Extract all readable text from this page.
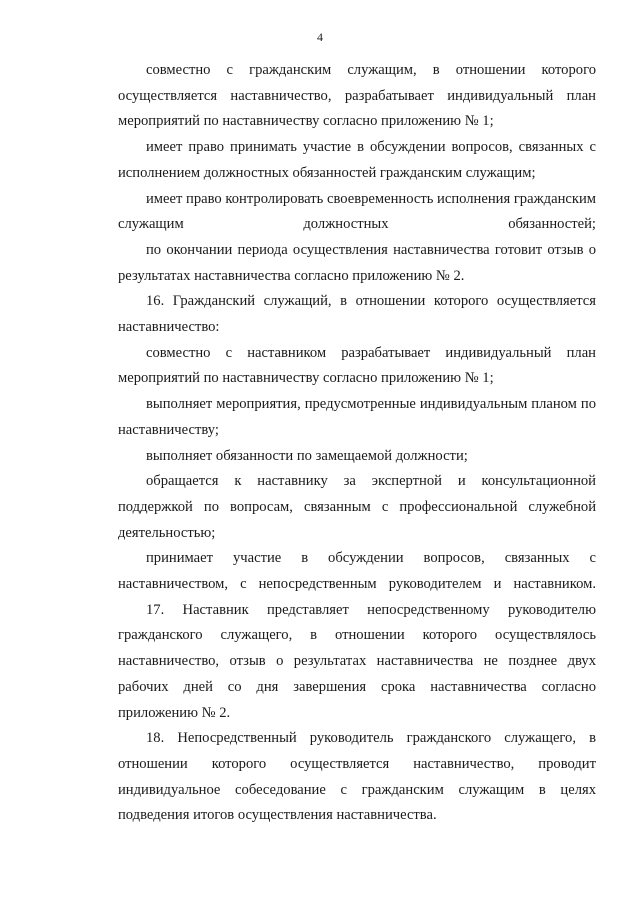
4

совместно с гражданским служащим, в отношении которого осуществляется наставничество, разрабатывает индивидуальный план мероприятий по наставничеству согласно приложению № 1;

имеет право принимать участие в обсуждении вопросов, связанных с исполнением должностных обязанностей гражданским служащим;

имеет право контролировать своевременность исполнения гражданским служащим должностных обязанностей;

по окончании периода осуществления наставничества готовит отзыв о результатах наставничества согласно приложению № 2.

16. Гражданский служащий, в отношении которого осуществляется наставничество:

совместно с наставником разрабатывает индивидуальный план мероприятий по наставничеству согласно приложению № 1;

выполняет мероприятия, предусмотренные индивидуальным планом по наставничеству;

выполняет обязанности по замещаемой должности;

обращается к наставнику за экспертной и консультационной поддержкой по вопросам, связанным с профессиональной служебной деятельностью;

принимает участие в обсуждении вопросов, связанных с наставничеством, с непосредственным руководителем и наставником.

17. Наставник представляет непосредственному руководителю гражданского служащего, в отношении которого осуществлялось наставничество, отзыв о результатах наставничества не позднее двух рабочих дней со дня завершения срока наставничества согласно приложению № 2.

18. Непосредственный руководитель гражданского служащего, в отношении которого осуществляется наставничество, проводит индивидуальное собеседование с гражданским служащим в целях подведения итогов осуществления наставничества.
